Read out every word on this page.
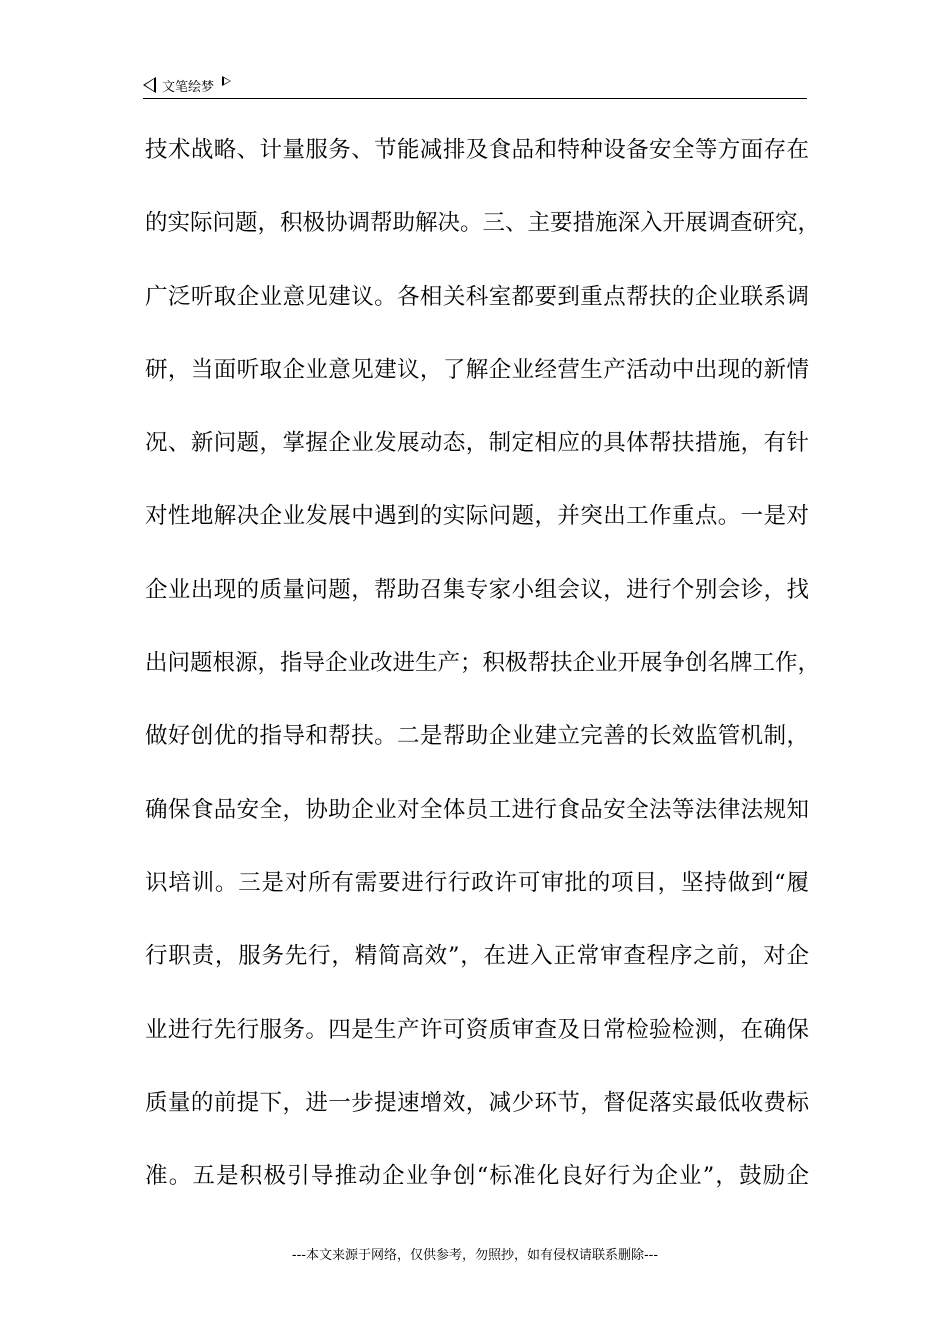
文笔绘梦
技术战略、计量服务、节能减排及食品和特种设备安全等方面存在
的实际问题，积极协调帮助解决。三、主要措施深入开展调查研究，
广泛听取企业意见建议。各相关科室都要到重点帮扶的企业联系调
研，当面听取企业意见建议，了解企业经营生产活动中出现的新情
况、新问题，掌握企业发展动态，制定相应的具体帮扶措施，有针
对性地解决企业发展中遇到的实际问题，并突出工作重点。一是对
企业出现的质量问题，帮助召集专家小组会议，进行个别会诊，找
出问题根源，指导企业改进生产；积极帮扶企业开展争创名牌工作，
做好创优的指导和帮扶。二是帮助企业建立完善的长效监管机制，
确保食品安全，协助企业对全体员工进行食品安全法等法律法规知
识培训。三是对所有需要进行行政许可审批的项目，坚持做到“履
行职责，服务先行，精简高效”，在进入正常审查程序之前，对企
业进行先行服务。四是生产许可资质审查及日常检验检测，在确保
质量的前提下，进一步提速增效，减少环节，督促落实最低收费标
准。五是积极引导推动企业争创“标准化良好行为企业”，鼓励企
---本文来源于网络，仅供参考，勿照抄，如有侵权请联系删除---
